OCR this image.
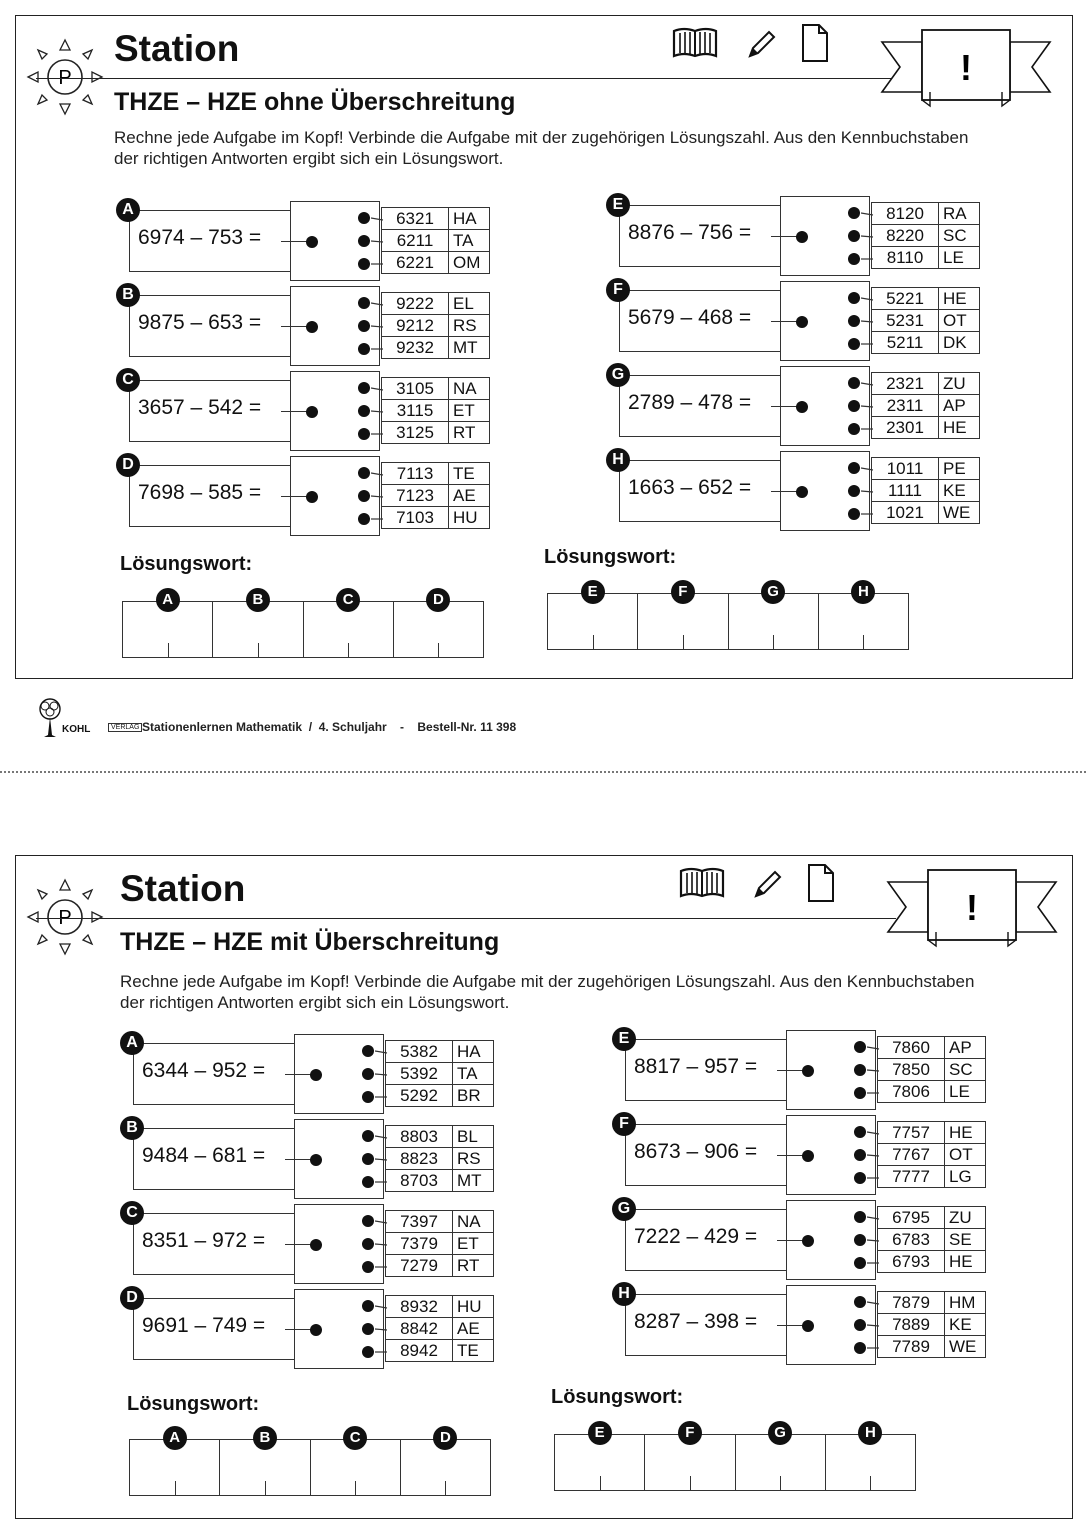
P
Station	!
THZE – HZE ohne Überschreitung
Rechne jede Aufgabe im Kopf! Verbinde die Aufgabe mit der zugehörigen Lösungszahl. Aus den Kennbuchstaben der richtigen Antworten ergibt sich ein Lösungswort.
A
6974 – 753 =
6321	HA
6211	TA
6221	OM
B
9875 – 653 =
9222	EL
9212	RS
9232	MT
C
3657 – 542 =
3105	NA
3115	ET
3125	RT
D
7698 – 585 =
7113	TE
7123	AE
7103	HU
E
8876 – 756 =
8120	RA
8220	SC
8110	LE
F
5679 – 468 =
5221	HE
5231	OT
5211	DK
G
2789 – 478 =
2321	ZU
2311	AP
2301	HE
H
1663 – 652 =
1011	PE
1111	KE
1021	WE
Lösungswort:
A	B	C	D
Lösungswort:
E	F	G	H
KOHL	VERLAG Stationenlernen Mathematik  /  4. Schuljahr    -    Bestell-Nr. 11 398
P
Station	!
THZE – HZE mit Überschreitung
Rechne jede Aufgabe im Kopf! Verbinde die Aufgabe mit der zugehörigen Lösungszahl. Aus den Kennbuchstaben der richtigen Antworten ergibt sich ein Lösungswort.
A
6344 – 952 =
5382	HA
5392	TA
5292	BR
B
9484 – 681 =
8803	BL
8823	RS
8703	MT
C
8351 – 972 =
7397	NA
7379	ET
7279	RT
D
9691 – 749 =
8932	HU
8842	AE
8942	TE
E
8817 – 957 =
7860	AP
7850	SC
7806	LE
F
8673 – 906 =
7757	HE
7767	OT
7777	LG
G
7222 – 429 =
6795	ZU
6783	SE
6793	HE
H
8287 – 398 =
7879	HM
7889	KE
7789	WE
Lösungswort:
A	B	C	D
Lösungswort:
E	F	G	H
